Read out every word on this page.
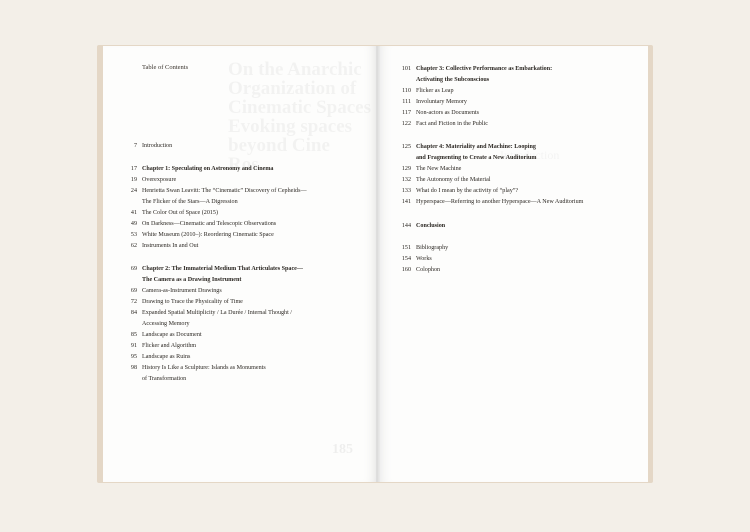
185
Table of Contents
7 Introduction
17 Chapter 1: Speculating on Astronomy and Cinema
19 Overexposure
24 Henrietta Swan Leavitt: The “Cinematic” Discovery of Cepheids—
The Flicker of the Stars—A Digression
41 The Color Out of Space (2015)
49 On Darkness—Cinematic and Telescopic Observations
53 White Museum (2010–): Reordering Cinematic Space
62 Instruments In and Out
69 Chapter 2: The Immaterial Medium That Articulates Space—
The Camera as a Drawing Instrument
69 Camera-as-Instrument Drawings
72 Drawing to Trace the Physicality of Time
84 Expanded Spatial Multiplicity / La Durée / Internal Thought /
Accessing Memory
85 Landscape as Document
91 Flicker and Algorithm
95 Landscape as Ruins
98 History Is Like a Sculpture: Islands as Monuments
of Transformation
101 Chapter 3: Collective Performance as Embarkation:
Activating the Subconscious
110 Flicker as Leap
111 Involuntary Memory
117 Non-actors as Documents
122 Fact and Fiction in the Public
125 Chapter 4: Materiality and Machine: Looping
and Fragmenting to Create a New Auditorium
129 The New Machine
132 The Autonomy of the Material
133 What do I mean by the activity of “play”?
141 Hyperspace—Referring to another Hyperspace—A New Auditorium
144 Conclusion
151 Bibliography
154 Works
160 Colophon
